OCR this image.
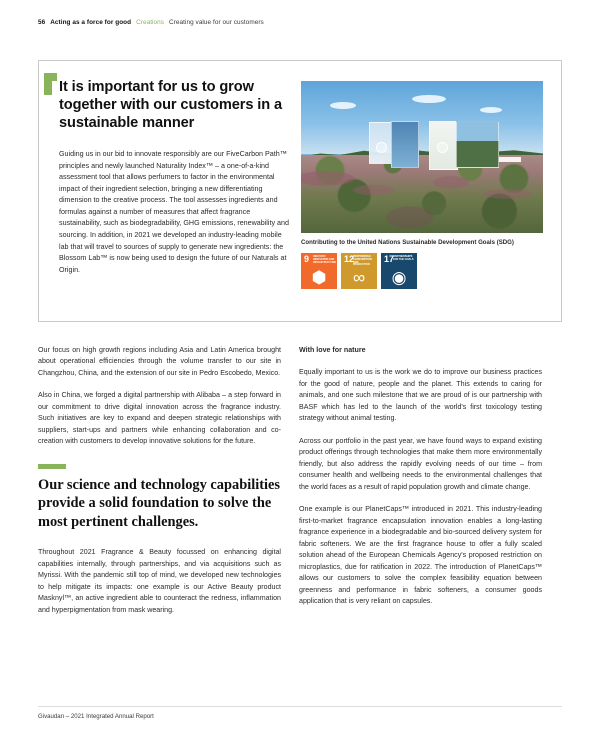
56 Acting as a force for good Creations Creating value for our customers
It is important for us to grow together with our customers in a sustainable manner
Guiding us in our bid to innovate responsibly are our FiveCarbon Path™ principles and newly launched Naturality Index™ – a one-of-a-kind assessment tool that allows perfumers to factor in the environmental impact of their ingredient selection, bringing a new differentiating dimension to the creative process. The tool assesses ingredients and formulas against a number of measures that affect fragrance sustainability, such as biodegradability, GHG emissions, renewability and sourcing. In addition, in 2021 we developed an industry-leading mobile lab that will travel to sources of supply to generate new ingredients: the Blossom Lab™ is now being used to design the future of our Naturals at Origin.
Contributing to the United Nations Sustainable Development Goals (SDG)
9 INDUSTRY, INNOVATION AND INFRASTRUCTURE
⬢
12
RESPONSIBLE CONSUMPTION AND PRODUCTION
∞
17
PARTNERSHIPS FOR THE GOALS
◉

Our focus on high growth regions including Asia and Latin America brought about operational efficiencies through the volume transfer to our site in Changzhou, China, and the extension of our site in Pedro Escobedo, Mexico.

Also in China, we forged a digital partnership with Alibaba – a step forward in our commitment to drive digital innovation across the fragrance industry. Such initiatives are key to expand and deepen strategic relationships with suppliers, start-ups and partners while enhancing collaboration and co-creation with customers to develop innovative solutions for the future.

Our science and technology capabilities provide a solid foundation to solve the most pertinent challenges.

Throughout 2021 Fragrance & Beauty focussed on enhancing digital capabilities internally, through partnerships, and via acquisitions such as Myrissi. With the pandemic still top of mind, we developed new technologies to help mitigate its impacts: one example is our Active Beauty product Masknyl™, an active ingredient able to counteract the redness, inflammation and hyperpigmentation from mask wearing.

With love for nature

Equally important to us is the work we do to improve our business practices for the good of nature, people and the planet. This extends to caring for animals, and one such milestone that we are proud of is our partnership with BASF which has led to the launch of the world's first toxicology testing strategy without animal testing.

Across our portfolio in the past year, we have found ways to expand existing product offerings through technologies that make them more environmentally friendly, but also address the rapidly evolving needs of our time – from consumer health and wellbeing needs to the environmental challenges that the world faces as a result of rapid population growth and climate change.

One example is our PlanetCaps™ introduced in 2021. This industry-leading first-to-market fragrance encapsulation innovation enables a long-lasting fragrance experience in a biodegradable and bio-sourced delivery system for fabric softeners. We are the first fragrance house to offer a fully scaled solution ahead of the European Chemicals Agency's proposed restriction on microplastics, due for ratification in 2022. The introduction of PlanetCaps™ allows our customers to solve the complex feasibility equation between greenness and performance in fabric softeners, a consumer goods application that is very reliant on capsules.

Givaudan – 2021 Integrated Annual Report
